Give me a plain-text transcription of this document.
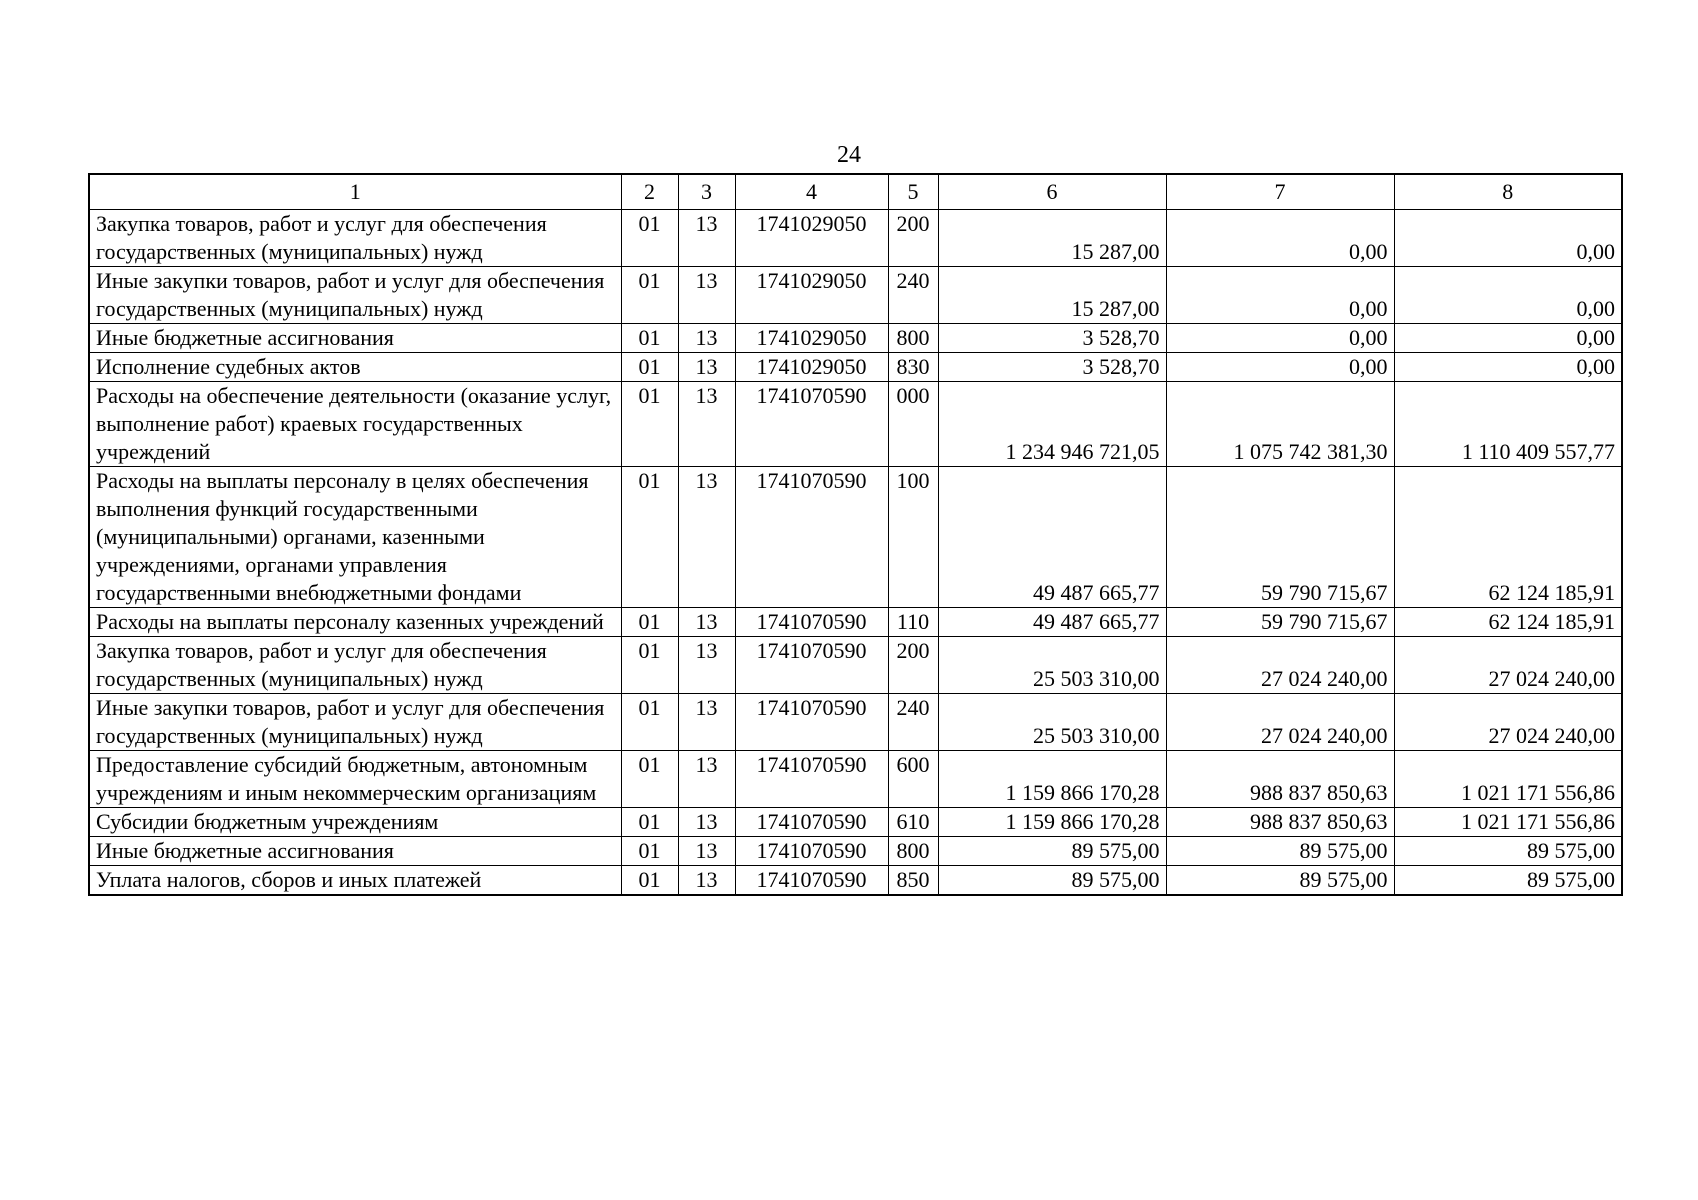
24
1	2	3	4	5	6	7	8
Закупка товаров, работ и услуг для обеспечения государственных (муниципальных) нужд	01	13	1741029050	200	15 287,00	0,00	0,00
Иные закупки товаров, работ и услуг для обеспечения государственных (муниципальных) нужд	01	13	1741029050	240	15 287,00	0,00	0,00
Иные бюджетные ассигнования	01	13	1741029050	800	3 528,70	0,00	0,00
Исполнение судебных актов	01	13	1741029050	830	3 528,70	0,00	0,00
Расходы на обеспечение деятельности (оказание услуг, выполнение работ) краевых государственных учреждений	01	13	1741070590	000	1 234 946 721,05	1 075 742 381,30	1 110 409 557,77
Расходы на выплаты персоналу в целях обеспечения выполнения функций государственными (муниципальными) органами, казенными учреждениями, органами управления государственными внебюджетными фондами	01	13	1741070590	100	49 487 665,77	59 790 715,67	62 124 185,91
Расходы на выплаты персоналу казенных учреждений	01	13	1741070590	110	49 487 665,77	59 790 715,67	62 124 185,91
Закупка товаров, работ и услуг для обеспечения государственных (муниципальных) нужд	01	13	1741070590	200	25 503 310,00	27 024 240,00	27 024 240,00
Иные закупки товаров, работ и услуг для обеспечения государственных (муниципальных) нужд	01	13	1741070590	240	25 503 310,00	27 024 240,00	27 024 240,00
Предоставление субсидий бюджетным, автономным учреждениям и иным некоммерческим организациям	01	13	1741070590	600	1 159 866 170,28	988 837 850,63	1 021 171 556,86
Субсидии бюджетным учреждениям	01	13	1741070590	610	1 159 866 170,28	988 837 850,63	1 021 171 556,86
Иные бюджетные ассигнования	01	13	1741070590	800	89 575,00	89 575,00	89 575,00
Уплата налогов, сборов и иных платежей	01	13	1741070590	850	89 575,00	89 575,00	89 575,00
